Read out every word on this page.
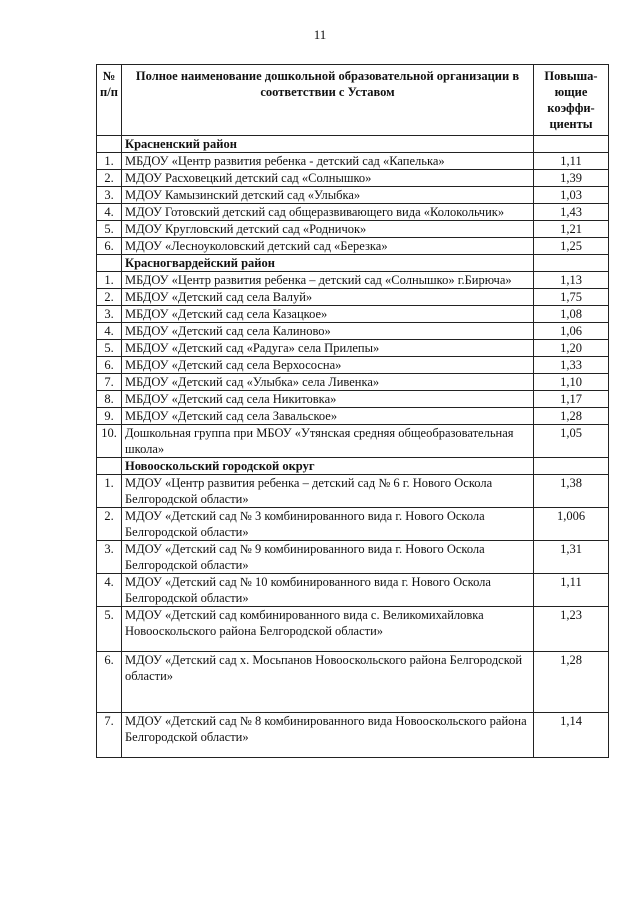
11
№ п/п	Полное наименование дошкольной образовательной организации в соответствии с Уставом	Повыша-ющие коэффи-циенты
	Красненский район	
1.	МБДОУ «Центр развития ребенка - детский сад «Капелька»	1,11
2.	МДОУ Расховецкий детский сад «Солнышко»	1,39
3.	МДОУ Камызинский детский сад «Улыбка»	1,03
4.	МДОУ Готовский детский сад общеразвивающего вида «Колокольчик»	1,43
5.	МДОУ Кругловский детский сад «Родничок»	1,21
6.	МДОУ «Лесноуколовский детский сад «Березка»	1,25
	Красногвардейский район	
1.	МБДОУ «Центр развития ребенка – детский сад «Солнышко» г.Бирюча»	1,13
2.	МБДОУ «Детский сад села Валуй»	1,75
3.	МБДОУ «Детский сад села Казацкое»	1,08
4.	МБДОУ «Детский сад села Калиново»	1,06
5.	МБДОУ «Детский сад «Радуга» села Прилепы»	1,20
6.	МБДОУ «Детский сад села Верхососна»	1,33
7.	МБДОУ «Детский сад «Улыбка» села Ливенка»	1,10
8.	МБДОУ «Детский сад села Никитовка»	1,17
9.	МБДОУ «Детский сад села Завальское»	1,28
10.	Дошкольная группа при МБОУ «Утянская средняя общеобразовательная школа»	1,05
	Новооскольский городской округ	
1.	МДОУ «Центр развития ребенка – детский сад № 6 г. Нового Оскола Белгородской области»	1,38
2.	МДОУ «Детский сад № 3 комбинированного вида г. Нового Оскола Белгородской области»	1,006
3.	МДОУ «Детский сад № 9 комбинированного вида г. Нового Оскола Белгородской области»	1,31
4.	МДОУ «Детский сад № 10 комбинированного вида г. Нового Оскола Белгородской области»	1,11
5.	МДОУ «Детский сад комбинированного вида с. Великомихайловка Новооскольского района Белгородской области»	1,23
6.	МДОУ «Детский сад х. Мосьпанов Новооскольского района Белгородской области»	1,28
7.	МДОУ «Детский сад № 8 комбинированного вида Новооскольского района Белгородской области»	1,14
